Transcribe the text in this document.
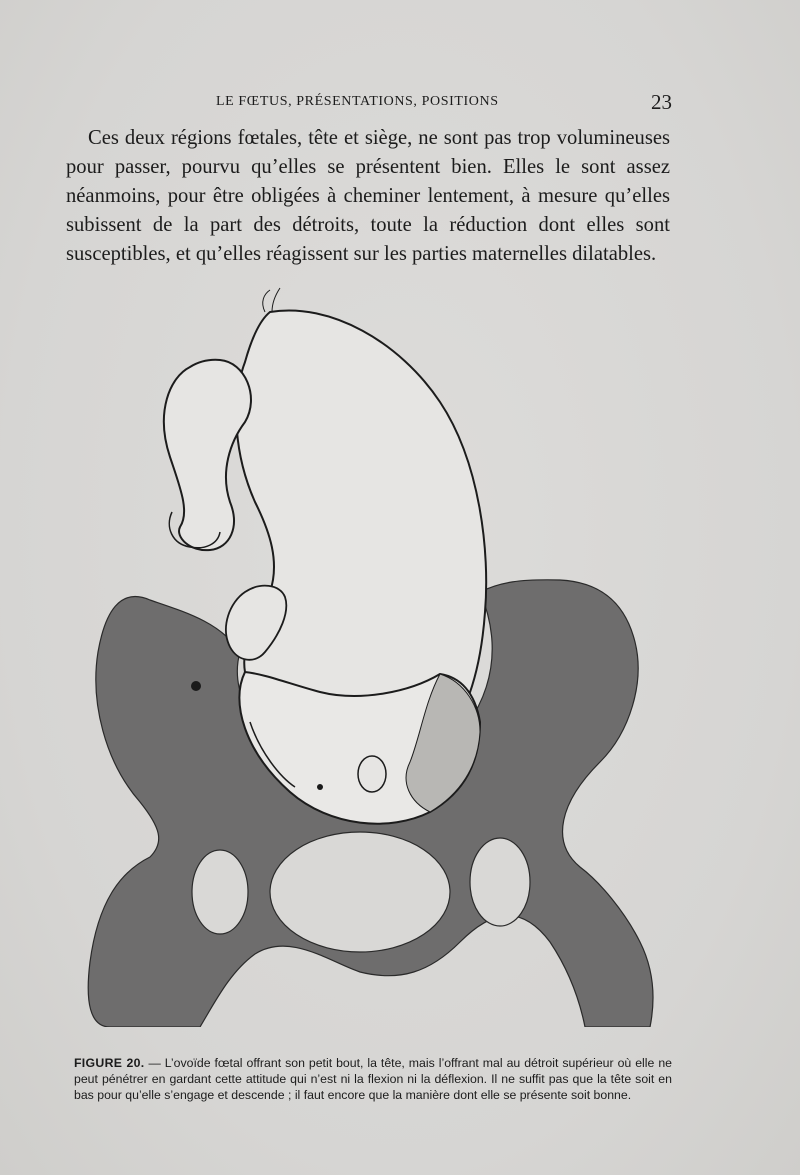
LE FŒTUS, PRÉSENTATIONS, POSITIONS	23

Ces deux régions fœtales, tête et siège, ne sont pas trop volumineuses pour passer, pourvu qu’elles se présentent bien. Elles le sont assez néanmoins, pour être obligées à cheminer lentement, à mesure qu’elles subissent de la part des détroits, toute la réduction dont elles sont susceptibles, et qu’elles réagissent sur les parties maternelles dilatables.

FIGURE 20. — L’ovoïde fœtal offrant son petit bout, la tête, mais l’offrant mal au détroit supérieur où elle ne peut pénétrer en gardant cette attitude qui n’est ni la flexion ni la déflexion. Il ne suffit pas que la tête soit en bas pour qu’elle s’engage et descende ; il faut encore que la manière dont elle se présente soit bonne.
